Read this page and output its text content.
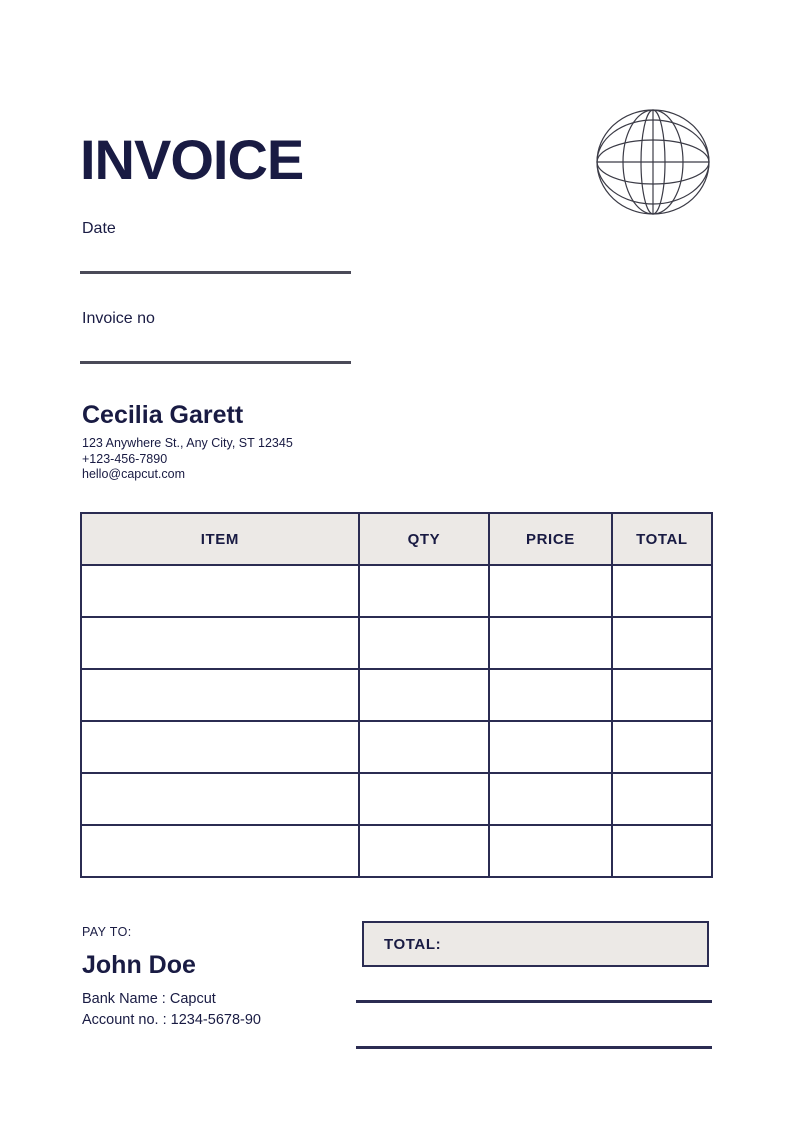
INVOICE
Date
Invoice no
Cecilia Garett
123 Anywhere St., Any City, ST 12345
+123-456-7890
hello@capcut.com
ITEM	QTY	PRICE	TOTAL

PAY TO:
John Doe
Bank Name : Capcut
Account no. : 1234-5678-90
TOTAL:
